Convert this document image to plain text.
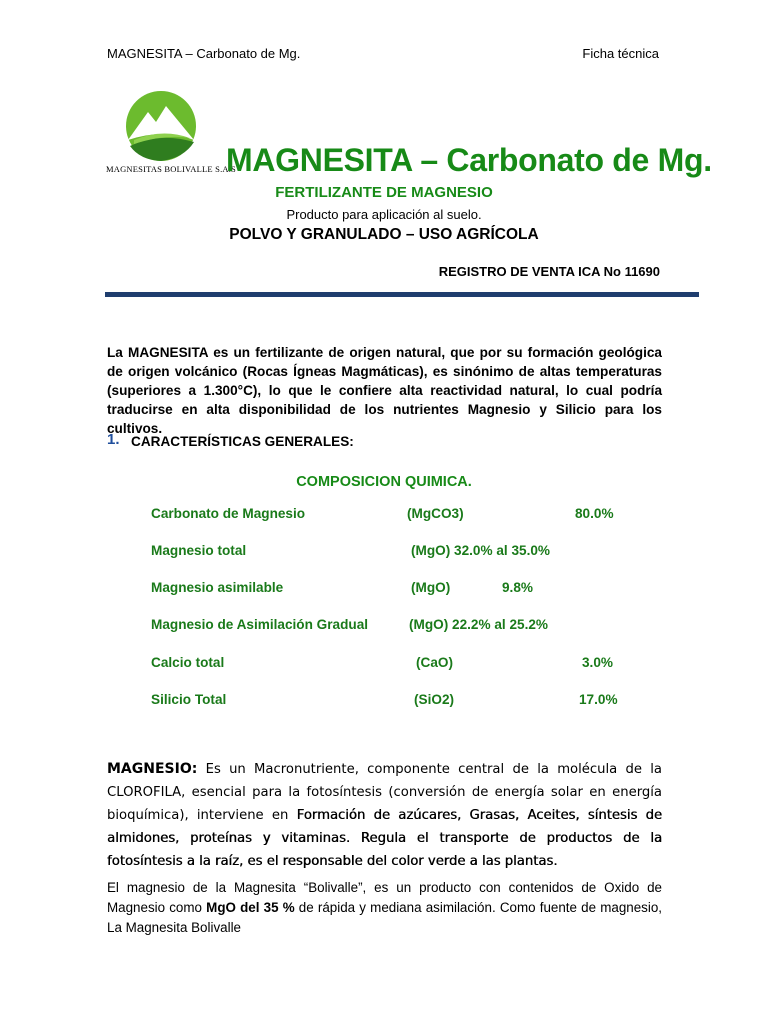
MAGNESITA – Carbonato de Mg.	Ficha técnica
MAGNESITAS BOLIVALLE S.A.S
MAGNESITA – Carbonato de Mg.
FERTILIZANTE DE MAGNESIO
Producto para aplicación al suelo.
POLVO Y GRANULADO – USO AGRÍCOLA
REGISTRO DE VENTA ICA No 11690
La MAGNESITA es un fertilizante de origen natural, que por su formación geológica de origen volcánico (Rocas Ígneas Magmáticas), es sinónimo de altas temperaturas (superiores a 1.300°C), lo que le confiere alta reactividad natural, lo cual podría traducirse en alta disponibilidad de los nutrientes Magnesio y Silicio para los cultivos.
1. CARACTERÍSTICAS GENERALES:
COMPOSICION QUIMICA.
Carbonato de Magnesio	(MgCO3)	80.0%
Magnesio total	(MgO) 32.0% al 35.0%
Magnesio asimilable	(MgO)	9.8%
Magnesio de Asimilación Gradual	(MgO) 22.2% al 25.2%
Calcio total	(CaO)	3.0%
Silicio Total	(SiO2)	17.0%
MAGNESIO: Es un Macronutriente, componente central de la molécula de la CLOROFILA, esencial para la fotosíntesis (conversión de energía solar en energía bioquímica), interviene en Formación de azúcares, Grasas, Aceites, síntesis de almidones, proteínas y vitaminas. Regula el transporte de productos de la fotosíntesis a la raíz, es el responsable del color verde a las plantas.
El magnesio de la Magnesita “Bolivalle”, es un producto con contenidos de Oxido de Magnesio como MgO del 35 % de rápida y mediana asimilación. Como fuente de magnesio, La Magnesita Bolivalle
